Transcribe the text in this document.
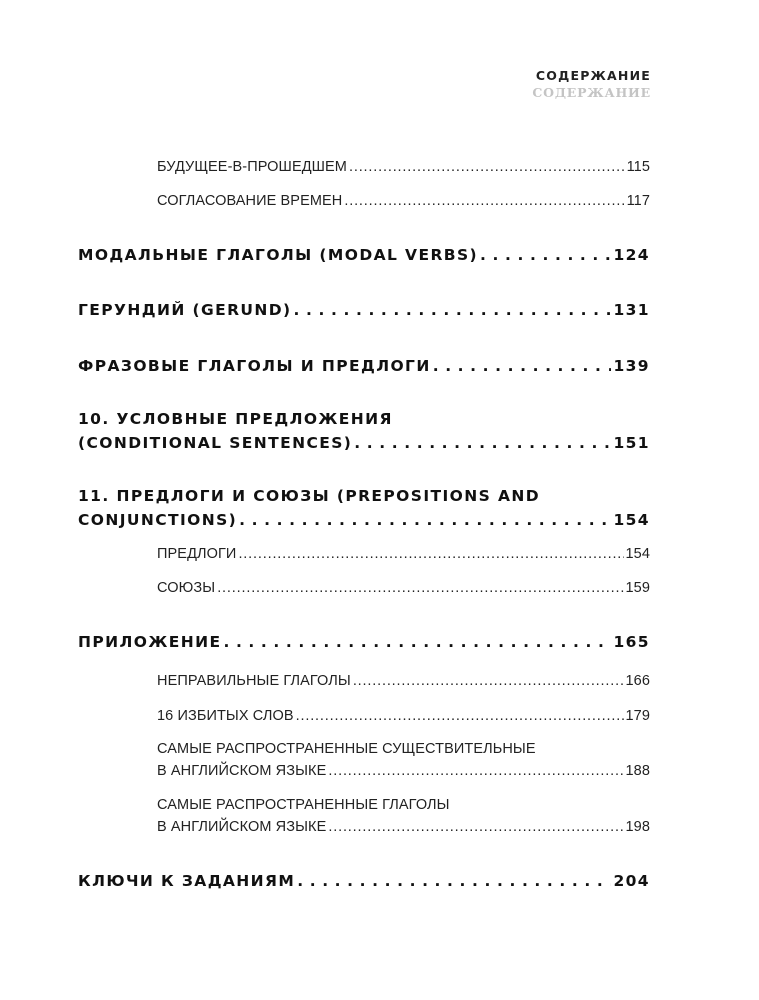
СОДЕРЖАНИЕ
СОДЕРЖАНИЕ
БУДУЩЕЕ-В-ПРОШЕДШЕМ . . .	115
СОГЛАСОВАНИЕ ВРЕМЕН . . .	117
МОДАЛЬНЫЕ ГЛАГОЛЫ (MODAL VERBS) . . .	124
ГЕРУНДИЙ (GERUND) . . .	131
ФРАЗОВЫЕ ГЛАГОЛЫ И ПРЕДЛОГИ . . .	139
10. УСЛОВНЫЕ ПРЕДЛОЖЕНИЯ
(CONDITIONAL SENTENCES) . . .	151
11. ПРЕДЛОГИ И СОЮЗЫ (PREPOSITIONS AND
CONJUNCTIONS) . . .	154
ПРЕДЛОГИ . . .	154
СОЮЗЫ . . .	159
ПРИЛОЖЕНИЕ . . .	165
НЕПРАВИЛЬНЫЕ ГЛАГОЛЫ . . .	166
16 ИЗБИТЫХ СЛОВ . . .	179
САМЫЕ РАСПРОСТРАНЕННЫЕ СУЩЕСТВИТЕЛЬНЫЕ
В АНГЛИЙСКОМ ЯЗЫКЕ . . .	188
САМЫЕ РАСПРОСТРАНЕННЫЕ ГЛАГОЛЫ
В АНГЛИЙСКОМ ЯЗЫКЕ . . .	198
КЛЮЧИ К ЗАДАНИЯМ . . .	204
